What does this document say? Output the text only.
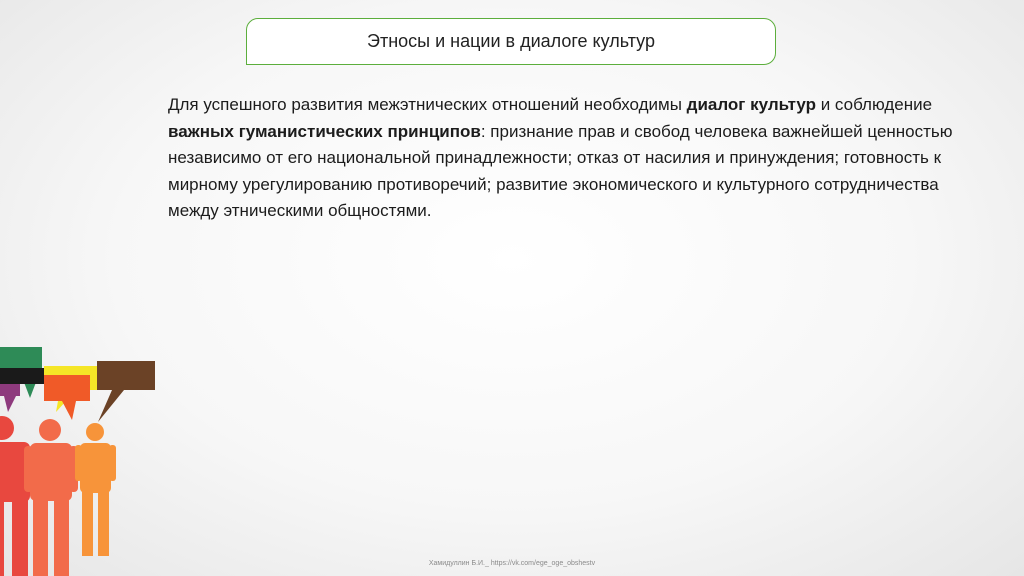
Этносы и нации в диалоге культур

Для успешного развития межэтнических отношений необходимы диалог культур и соблюдение важных гуманистических принципов: признание прав и свобод человека важнейшей ценностью независимо от его национальной принадлежности; отказ от насилия и принуждения; готовность к мирному урегулированию противоречий; развитие экономического и культурного сотрудничества между этническими общностями.

Хамидуллин Б.И._ https://vk.com/ege_oge_obshestv
